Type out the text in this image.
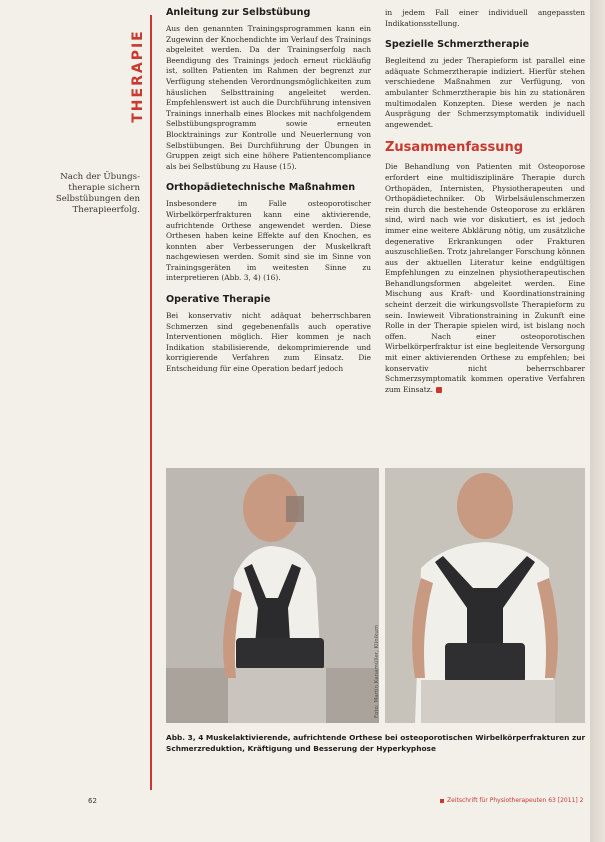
THERAPIE
Nach der Übungstherapie sichern Selbstübungen den Therapieerfolg.
Anleitung zur Selbstübung

Aus den genannten Trainingsprogrammen kann ein Zugewinn der Knochendichte im Verlauf des Trainings abgeleitet werden. Da der Trainingserfolg nach Beendigung des Trainings jedoch erneut rückläufig ist, sollten Patienten im Rahmen der begrenzt zur Verfügung stehenden Verordnungsmöglichkeiten zum häuslichen Selbsttraining angeleitet werden. Empfehlenswert ist auch die Durchführung intensiven Trainings innerhalb eines Blockes mit nachfolgendem Selbstübungsprogramm sowie erneuten Blocktrainings zur Kontrolle und Neuerlernung von Selbstübungen. Bei Durchführung der Übungen in Gruppen zeigt sich eine höhere Patientencompliance als bei Selbstübung zu Hause (15).

Orthopädietechnische Maßnahmen

Insbesondere im Falle osteoporotischer Wirbelkörperfrakturen kann eine aktivierende, aufrichtende Orthese angewendet werden. Diese Orthesen haben keine Effekte auf den Knochen, es konnten aber Verbesserungen der Muskelkraft nachgewiesen werden. Somit sind sie im Sinne von Trainingsgeräten im weitesten Sinne zu interpretieren (Abb. 3, 4) (16).

Operative Therapie

Bei konservativ nicht adäquat beherrschbaren Schmerzen sind gegebenenfalls auch operative Interventionen möglich. Hier kommen je nach Indikation stabilisierende, dekomprimierende und korrigierende Verfahren zum Einsatz. Die Entscheidung für eine Operation bedarf jedoch

in jedem Fall einer individuell angepassten Indikationsstellung.

Spezielle Schmerztherapie

Begleitend zu jeder Therapieform ist parallel eine adäquate Schmerztherapie indiziert. Hierfür stehen verschiedene Maßnahmen zur Verfügung, von ambulanter Schmerztherapie bis hin zu stationären multimodalen Konzepten. Diese werden je nach Ausprägung der Schmerzsymptomatik individuell angewendet.

Zusammenfassung

Die Behandlung von Patienten mit Osteoporose erfordert eine multidisziplinäre Therapie durch Orthopäden, Internisten, Physiotherapeuten und Orthopädietechniker. Ob Wirbelsäulenschmerzen rein durch die bestehende Osteoporose zu erklären sind, wird nach wie vor diskutiert, es ist jedoch immer eine weitere Abklärung nötig, um zusätzliche degenerative Erkrankungen oder Frakturen auszuschließen. Trotz jahrelanger Forschung können aus der aktuellen Literatur keine endgültigen Empfehlungen zu einzelnen physiotherapeutischen Behandlungsformen abgeleitet werden. Eine Mischung aus Kraft- und Koordinationstraining scheint derzeit die wirkungsvollste Therapieform zu sein. Inwieweit Vibrationstraining in Zukunft eine Rolle in der Therapie spielen wird, ist bislang noch offen. Nach einer osteoporotischen Wirbelkörperfraktur ist eine begleitende Versorgung mit einer aktivierenden Orthese zu empfehlen; bei konservativ nicht beherrschbarer Schmerzsymptomatik kommen operative Verfahren zum Einsatz.

Foto: Martin Kanamüller, Klinikum
Abb. 3, 4 Muskelaktivierende, aufrichtende Orthese bei osteoporotischen Wirbelkörperfrakturen zur Schmerzreduktion, Kräftigung und Besserung der Hyperkyphose
62	Zeitschrift für Physiotherapeuten 63 [2011] 2
